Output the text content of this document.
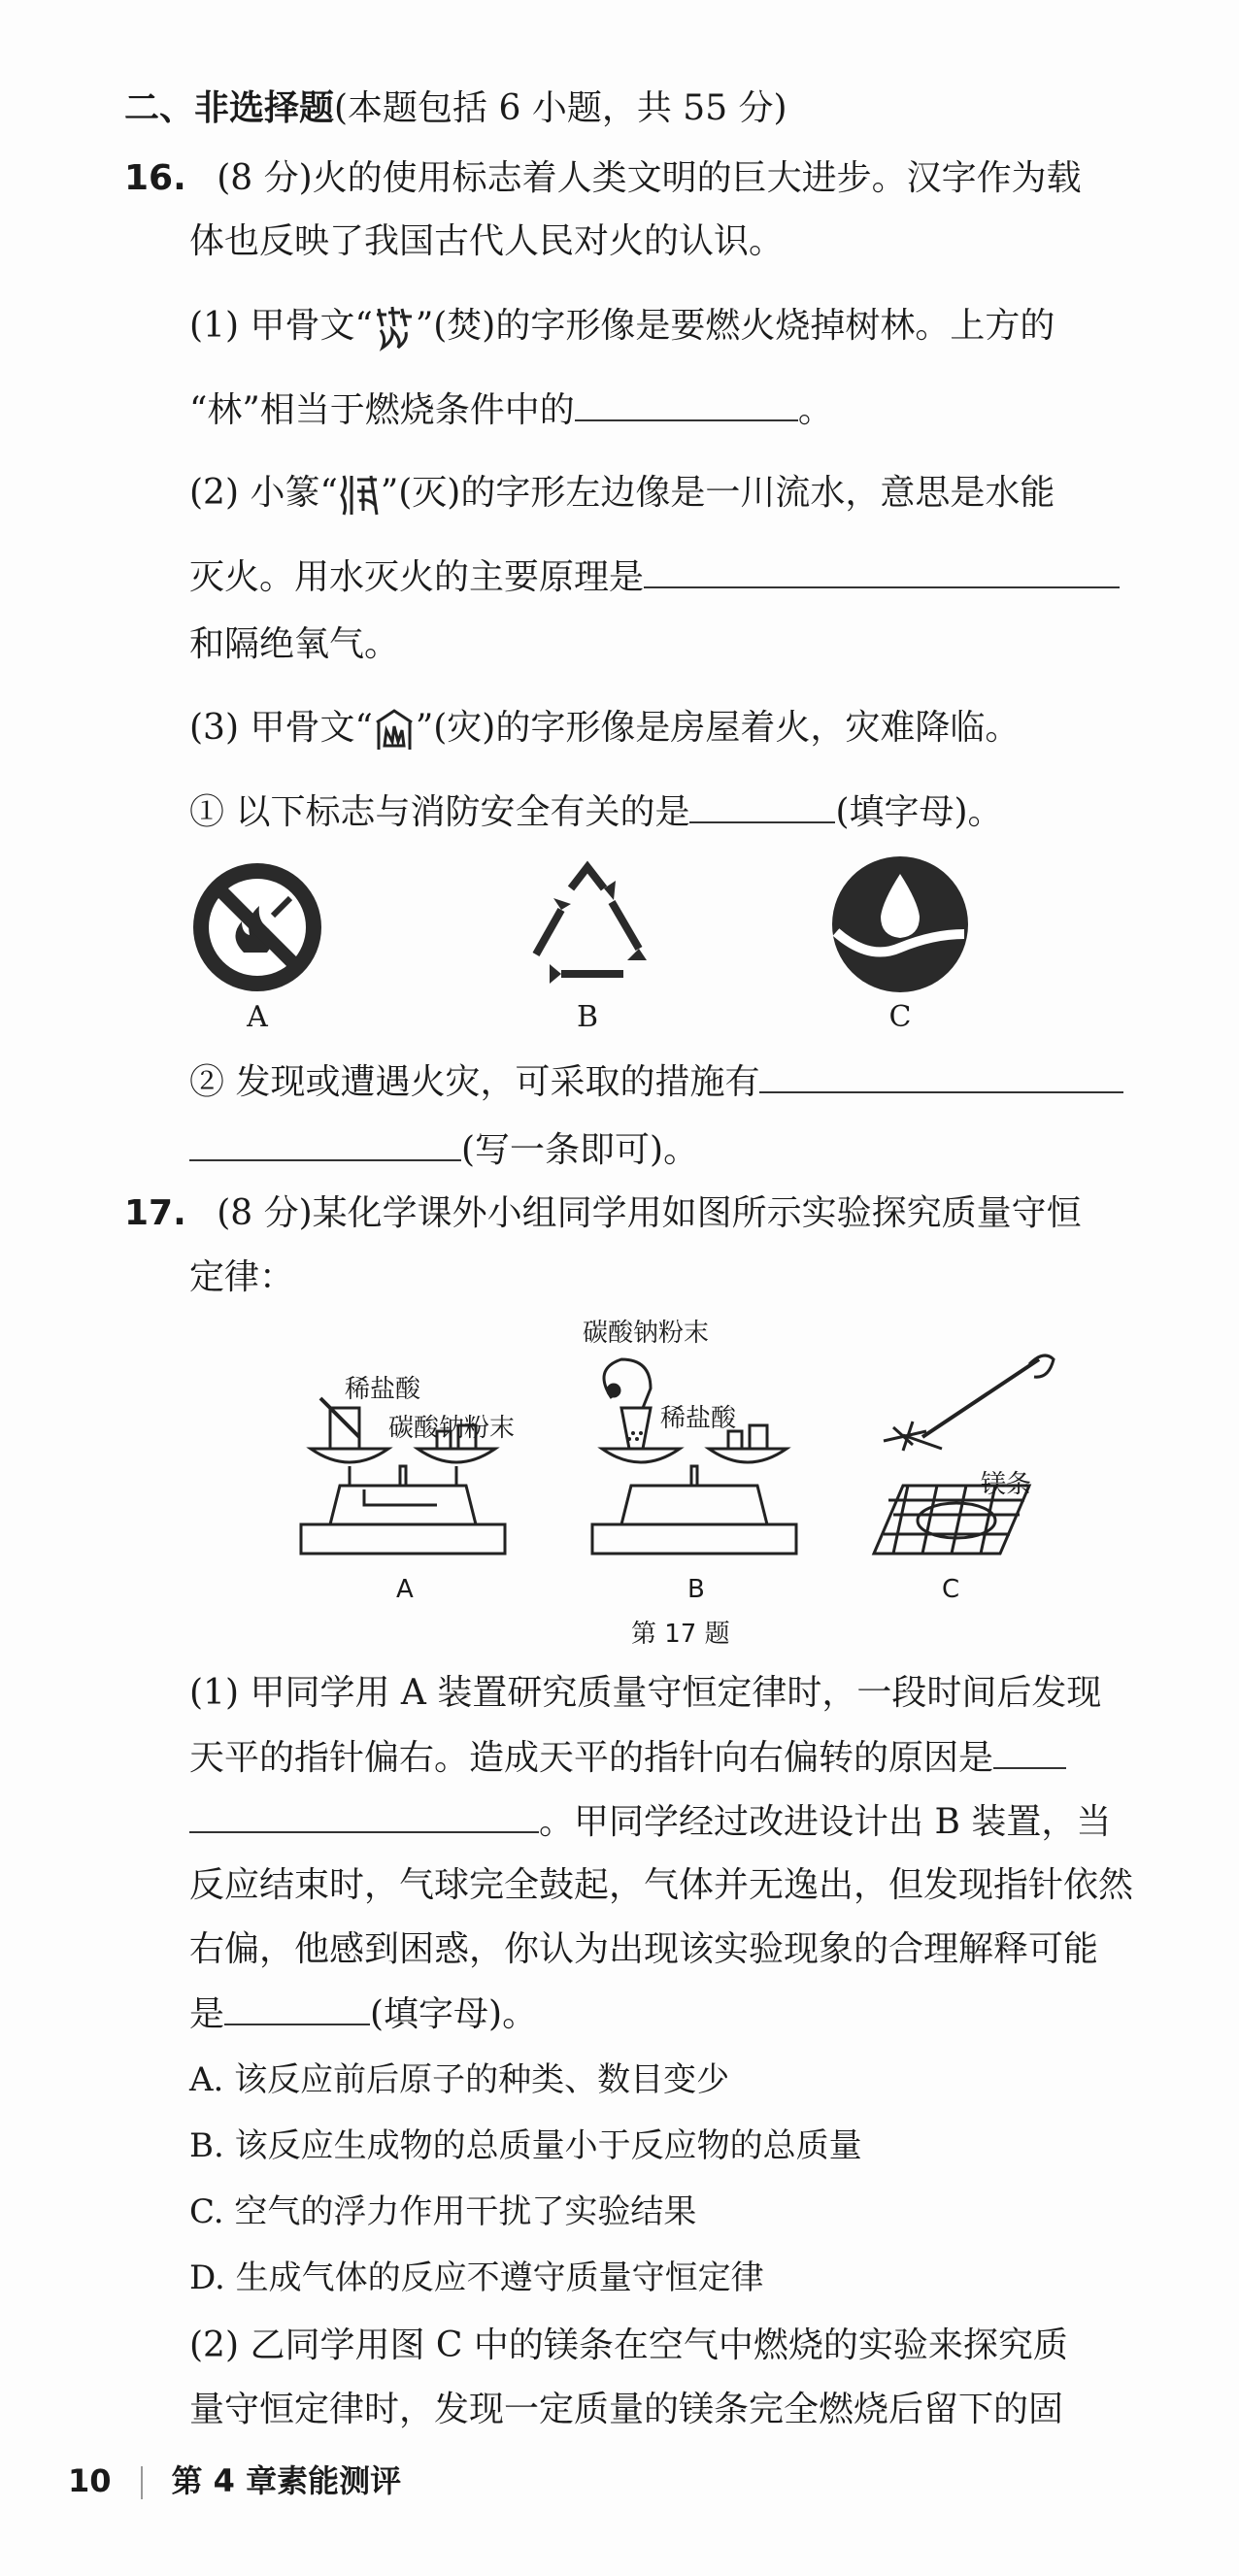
二、非选择题(本题包括 6 小题，共 55 分)
16. (8 分)火的使用标志着人类文明的巨大进步。汉字作为载
体也反映了我国古代人民对火的认识。
(1) 甲骨文“ ”(焚)的字形像是要燃火烧掉树林。上方的
“林”相当于燃烧条件中的	。
(2) 小篆“ ”(灭)的字形左边像是一川流水，意思是水能
灭火。用水灭火的主要原理是
和隔绝氧气。
(3) 甲骨文“ ”(灾)的字形像是房屋着火，灾难降临。
① 以下标志与消防安全有关的是	(填字母)。
A	B	C
② 发现或遭遇火灾，可采取的措施有
(写一条即可)。
17. (8 分)某化学课外小组同学用如图所示实验探究质量守恒
定律：
稀盐酸
碳酸钠粉末
碳酸钠粉末
稀盐酸
镁条
A	B	C
第 17 题
(1) 甲同学用 A 装置研究质量守恒定律时，一段时间后发现
天平的指针偏右。造成天平的指针向右偏转的原因是
。甲同学经过改进设计出 B 装置，当
反应结束时，气球完全鼓起，气体并无逸出，但发现指针依然
右偏，他感到困惑，你认为出现该实验现象的合理解释可能
是	(填字母)。
A. 该反应前后原子的种类、数目变少
B. 该反应生成物的总质量小于反应物的总质量
C. 空气的浮力作用干扰了实验结果
D. 生成气体的反应不遵守质量守恒定律
(2) 乙同学用图 C 中的镁条在空气中燃烧的实验来探究质
量守恒定律时，发现一定质量的镁条完全燃烧后留下的固
10 第 4 章素能测评
